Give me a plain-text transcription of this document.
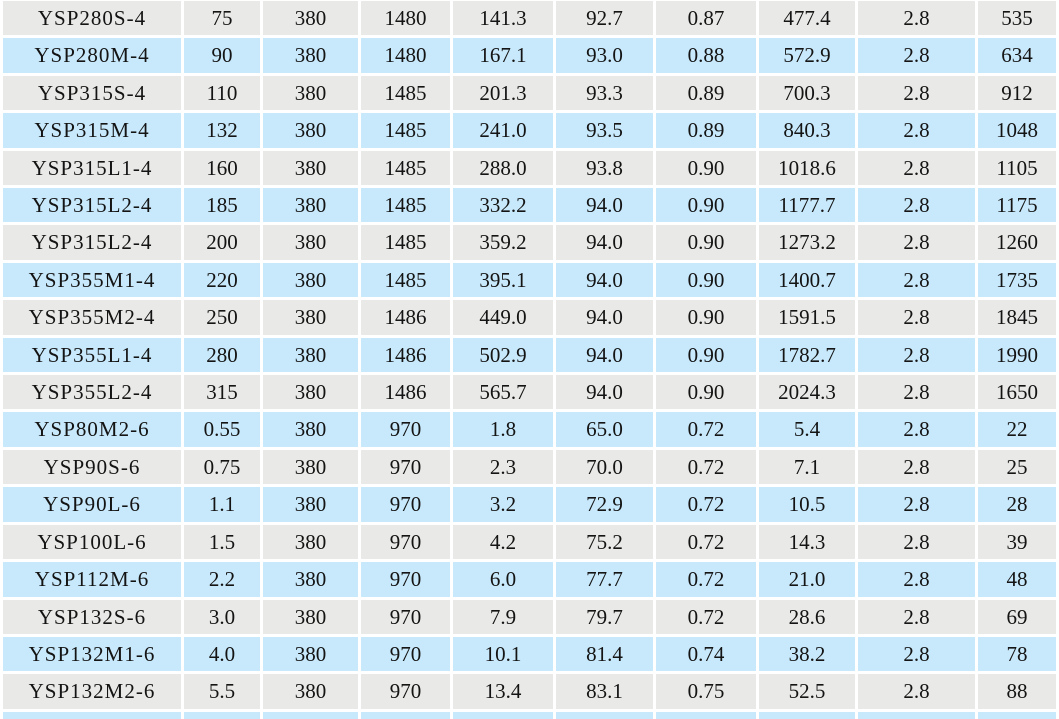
YSP280S-4	75	380	1480	141.3	92.7	0.87	477.4	2.8	535
YSP280M-4	90	380	1480	167.1	93.0	0.88	572.9	2.8	634
YSP315S-4	110	380	1485	201.3	93.3	0.89	700.3	2.8	912
YSP315M-4	132	380	1485	241.0	93.5	0.89	840.3	2.8	1048
YSP315L1-4	160	380	1485	288.0	93.8	0.90	1018.6	2.8	1105
YSP315L2-4	185	380	1485	332.2	94.0	0.90	1177.7	2.8	1175
YSP315L2-4	200	380	1485	359.2	94.0	0.90	1273.2	2.8	1260
YSP355M1-4	220	380	1485	395.1	94.0	0.90	1400.7	2.8	1735
YSP355M2-4	250	380	1486	449.0	94.0	0.90	1591.5	2.8	1845
YSP355L1-4	280	380	1486	502.9	94.0	0.90	1782.7	2.8	1990
YSP355L2-4	315	380	1486	565.7	94.0	0.90	2024.3	2.8	1650
YSP80M2-6	0.55	380	970	1.8	65.0	0.72	5.4	2.8	22
YSP90S-6	0.75	380	970	2.3	70.0	0.72	7.1	2.8	25
YSP90L-6	1.1	380	970	3.2	72.9	0.72	10.5	2.8	28
YSP100L-6	1.5	380	970	4.2	75.2	0.72	14.3	2.8	39
YSP112M-6	2.2	380	970	6.0	77.7	0.72	21.0	2.8	48
YSP132S-6	3.0	380	970	7.9	79.7	0.72	28.6	2.8	69
YSP132M1-6	4.0	380	970	10.1	81.4	0.74	38.2	2.8	78
YSP132M2-6	5.5	380	970	13.4	83.1	0.75	52.5	2.8	88
